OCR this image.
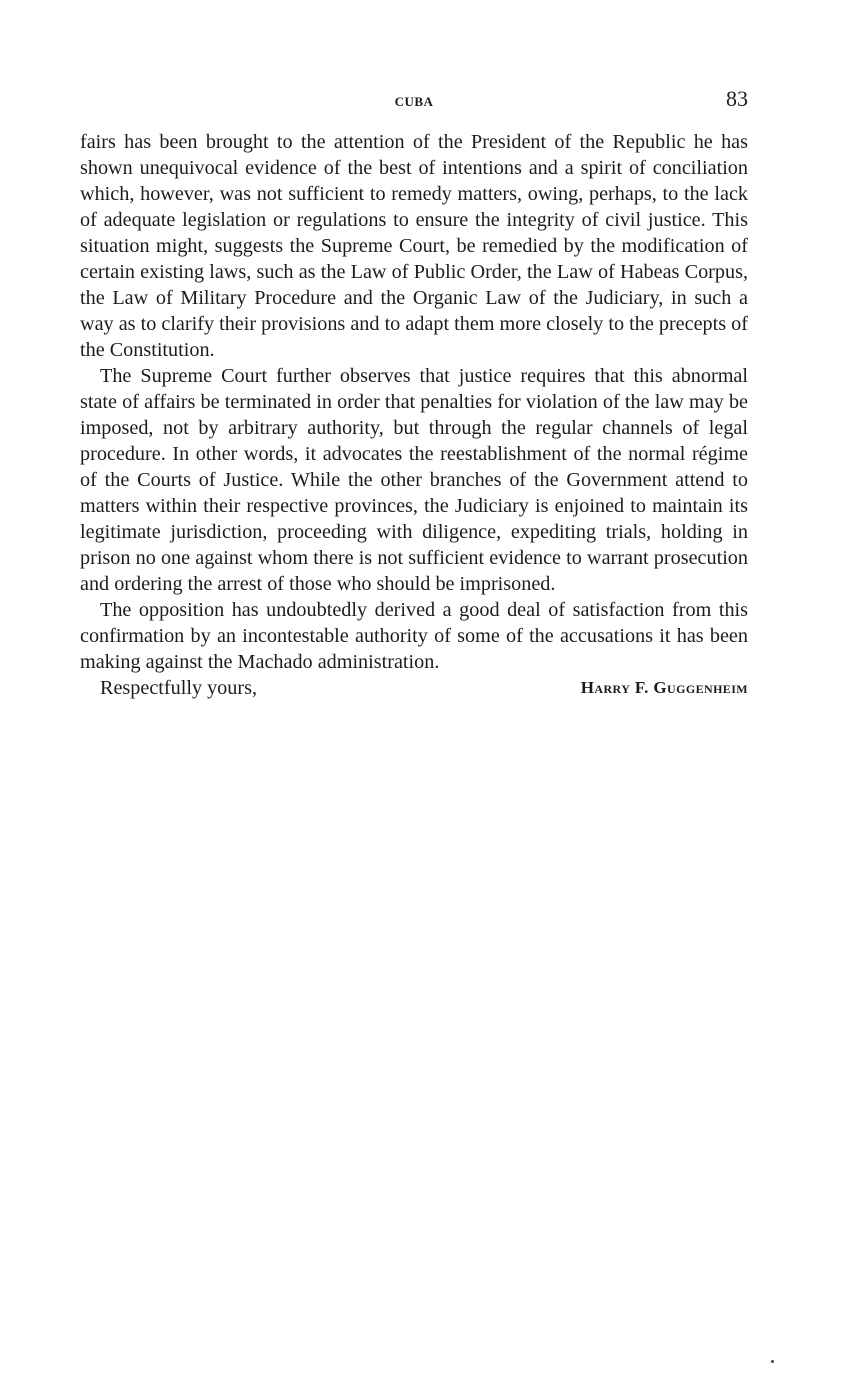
CUBA	83

fairs has been brought to the attention of the President of the Republic he has shown unequivocal evidence of the best of intentions and a spirit of conciliation which, however, was not sufficient to remedy matters, owing, perhaps, to the lack of adequate legislation or regulations to ensure the integrity of civil justice. This situation might, suggests the Supreme Court, be remedied by the modification of certain existing laws, such as the Law of Public Order, the Law of Habeas Corpus, the Law of Military Procedure and the Organic Law of the Judiciary, in such a way as to clarify their provisions and to adapt them more closely to the precepts of the Constitution.

The Supreme Court further observes that justice requires that this abnormal state of affairs be terminated in order that penalties for violation of the law may be imposed, not by arbitrary authority, but through the regular channels of legal procedure. In other words, it advocates the reestablishment of the normal régime of the Courts of Justice. While the other branches of the Government attend to matters within their respective provinces, the Judiciary is enjoined to maintain its legitimate jurisdiction, proceeding with diligence, expediting trials, holding in prison no one against whom there is not sufficient evidence to warrant prosecution and ordering the arrest of those who should be imprisoned.

The opposition has undoubtedly derived a good deal of satisfaction from this confirmation by an incontestable authority of some of the accusations it has been making against the Machado administration.

Respectfully yours,	Harry F. Guggenheim
